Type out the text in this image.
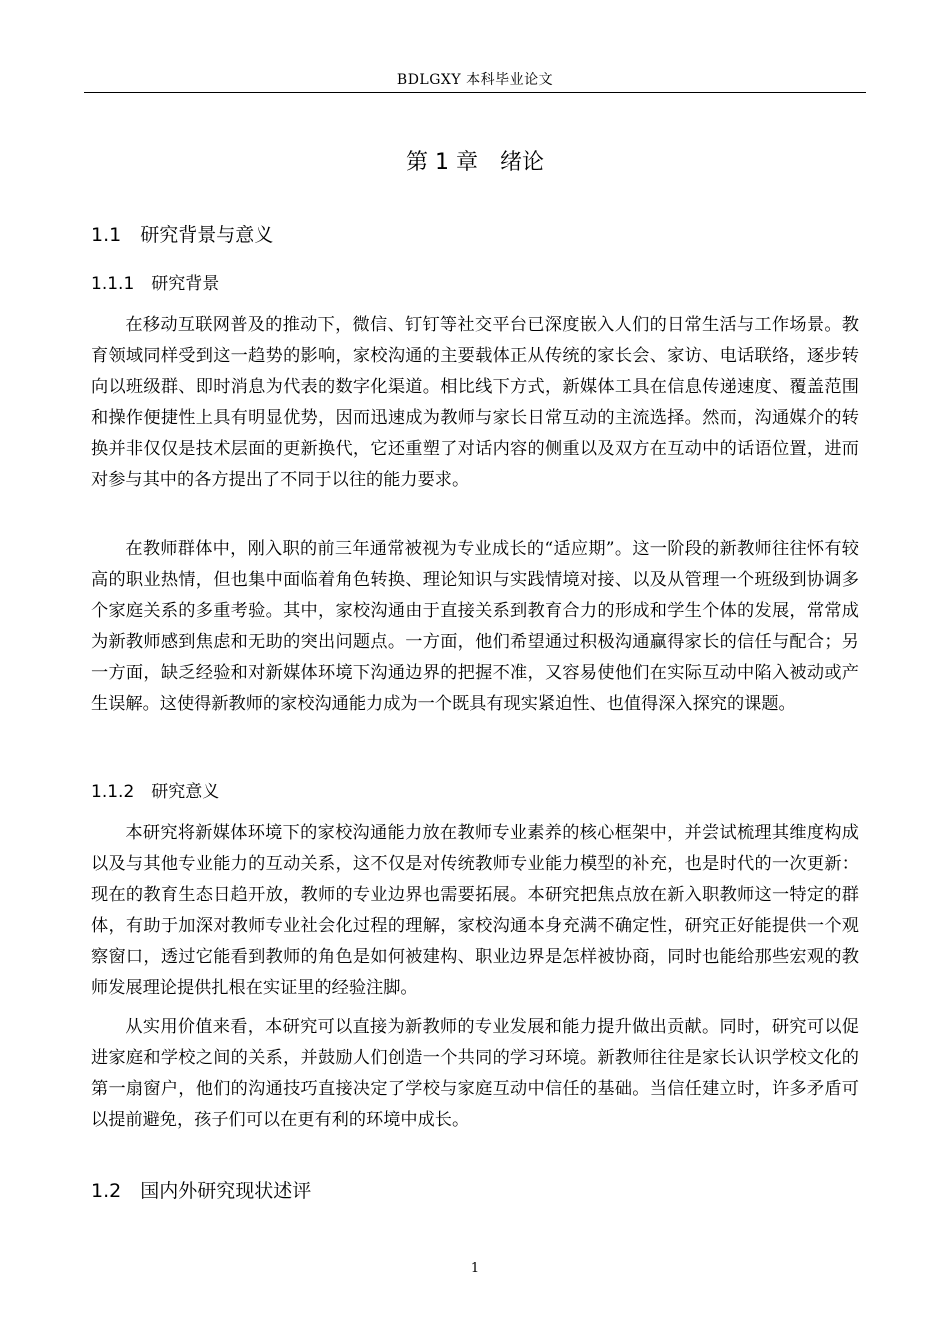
BDLGXY 本科毕业论文
第 1 章　绪论
1.1　研究背景与意义
1.1.1　研究背景

在移动互联网普及的推动下，微信、钉钉等社交平台已深度嵌入人们的日常生活与工作场景。教育领域同样受到这一趋势的影响，家校沟通的主要载体正从传统的家长会、家访、电话联络，逐步转向以班级群、即时消息为代表的数字化渠道。相比线下方式，新媒体工具在信息传递速度、覆盖范围和操作便捷性上具有明显优势，因而迅速成为教师与家长日常互动的主流选择。然而，沟通媒介的转换并非仅仅是技术层面的更新换代，它还重塑了对话内容的侧重以及双方在互动中的话语位置，进而对参与其中的各方提出了不同于以往的能力要求。

在教师群体中，刚入职的前三年通常被视为专业成长的“适应期”。这一阶段的新教师往往怀有较高的职业热情，但也集中面临着角色转换、理论知识与实践情境对接、以及从管理一个班级到协调多个家庭关系的多重考验。其中，家校沟通由于直接关系到教育合力的形成和学生个体的发展，常常成为新教师感到焦虑和无助的突出问题点。一方面，他们希望通过积极沟通赢得家长的信任与配合；另一方面，缺乏经验和对新媒体环境下沟通边界的把握不准，又容易使他们在实际互动中陷入被动或产生误解。这使得新教师的家校沟通能力成为一个既具有现实紧迫性、也值得深入探究的课题。

1.1.2　研究意义

本研究将新媒体环境下的家校沟通能力放在教师专业素养的核心框架中，并尝试梳理其维度构成以及与其他专业能力的互动关系，这不仅是对传统教师专业能力模型的补充，也是时代的一次更新：现在的教育生态日趋开放，教师的专业边界也需要拓展。本研究把焦点放在新入职教师这一特定的群体，有助于加深对教师专业社会化过程的理解，家校沟通本身充满不确定性，研究正好能提供一个观察窗口，透过它能看到教师的角色是如何被建构、职业边界是怎样被协商，同时也能给那些宏观的教师发展理论提供扎根在实证里的经验注脚。

从实用价值来看，本研究可以直接为新教师的专业发展和能力提升做出贡献。同时，研究可以促进家庭和学校之间的关系，并鼓励人们创造一个共同的学习环境。新教师往往是家长认识学校文化的第一扇窗户，他们的沟通技巧直接决定了学校与家庭互动中信任的基础。当信任建立时，许多矛盾可以提前避免，孩子们可以在更有利的环境中成长。

1.2　国内外研究现状述评
1
